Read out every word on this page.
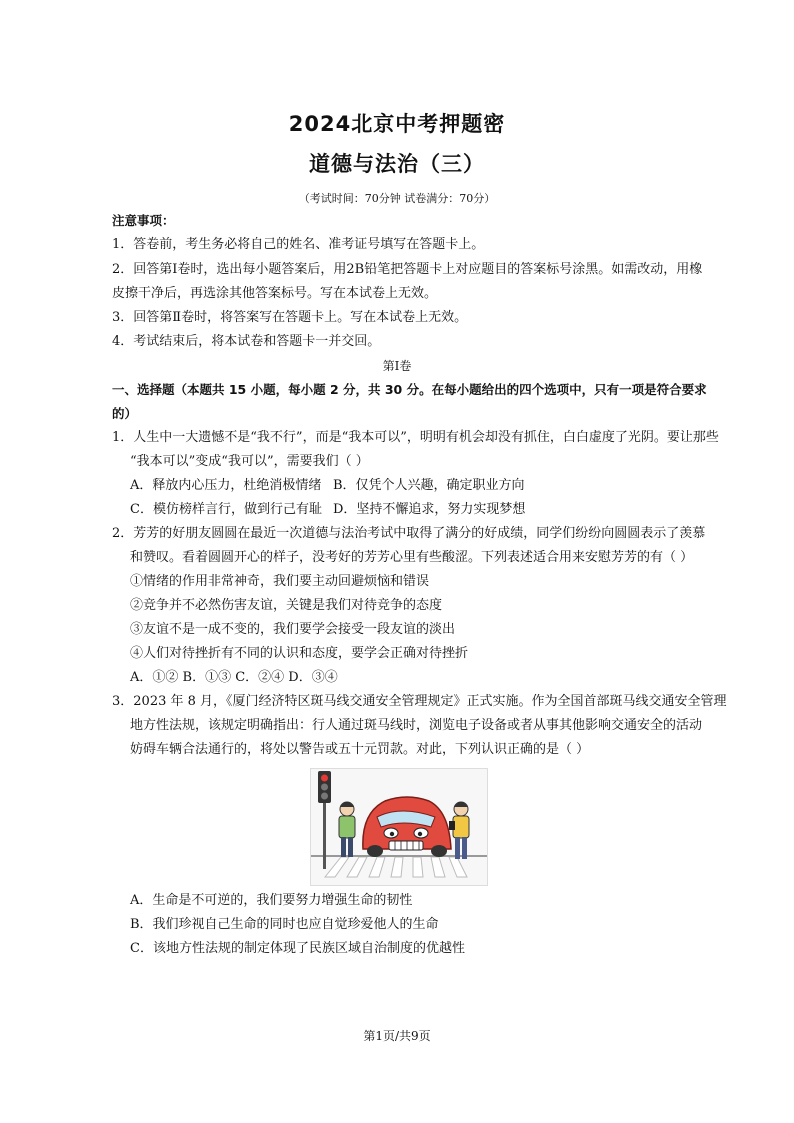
2024北京中考押题密
道德与法治（三）
（考试时间：70分钟 试卷满分：70分）
注意事项：
1．答卷前，考生务必将自己的姓名、准考证号填写在答题卡上。
2．回答第Ⅰ卷时，选出每小题答案后，用2B铅笔把答题卡上对应题目的答案标号涂黑。如需改动，用橡
皮擦干净后，再选涂其他答案标号。写在本试卷上无效。
3．回答第Ⅱ卷时，将答案写在答题卡上。写在本试卷上无效。
4．考试结束后，将本试卷和答题卡一并交回。
第Ⅰ卷
一、选择题（本题共 15 小题，每小题 2 分，共 30 分。在每小题给出的四个选项中，只有一项是符合要求
的）
1．人生中一大遗憾不是“我不行”，而是“我本可以”，明明有机会却没有抓住，白白虚度了光阴。要让那些
“我本可以”变成“我可以”，需要我们（ ）
A．释放内心压力，杜绝消极情绪 B．仅凭个人兴趣，确定职业方向
C．模仿榜样言行，做到行己有耻 D．坚持不懈追求，努力实现梦想
2．芳芳的好朋友圆圆在最近一次道德与法治考试中取得了满分的好成绩，同学们纷纷向圆圆表示了羡慕
和赞叹。看着圆圆开心的样子，没考好的芳芳心里有些酸涩。下列表述适合用来安慰芳芳的有（ ）
①情绪的作用非常神奇，我们要主动回避烦恼和错误
②竞争并不必然伤害友谊，关键是我们对待竞争的态度
③友谊不是一成不变的，我们要学会接受一段友谊的淡出
④人们对待挫折有不同的认识和态度，要学会正确对待挫折
A．①② B．①③ C．②④ D．③④
3．2023 年 8 月，《厦门经济特区斑马线交通安全管理规定》正式实施。作为全国首部斑马线交通安全管理
地方性法规，该规定明确指出：行人通过斑马线时，浏览电子设备或者从事其他影响交通安全的活动
妨碍车辆合法通行的，将处以警告或五十元罚款。对此，下列认识正确的是（ ）
A．生命是不可逆的，我们要努力增强生命的韧性
B．我们珍视自己生命的同时也应自觉珍爱他人的生命
C．该地方性法规的制定体现了民族区域自治制度的优越性
第1页/共9页
